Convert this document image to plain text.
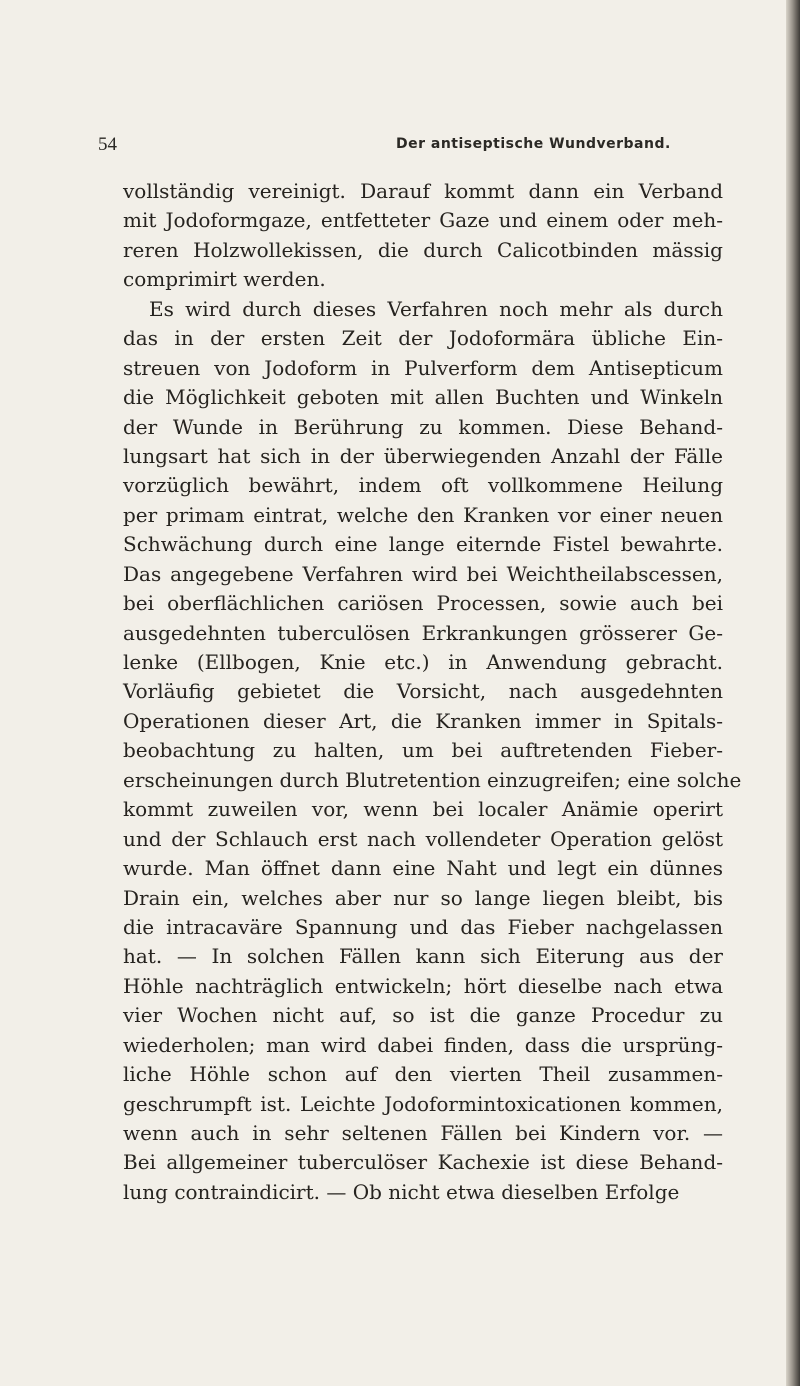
54	Der antiseptische Wundverband.
vollständig vereinigt. Darauf kommt dann ein Verband
mit Jodoformgaze, entfetteter Gaze und einem oder meh-
reren Holzwollekissen, die durch Calicotbinden mässig
comprimirt werden.
Es wird durch dieses Verfahren noch mehr als durch
das in der ersten Zeit der Jodoformära übliche Ein-
streuen von Jodoform in Pulverform dem Antisepticum
die Möglichkeit geboten mit allen Buchten und Winkeln
der Wunde in Berührung zu kommen. Diese Behand-
lungsart hat sich in der überwiegenden Anzahl der Fälle
vorzüglich bewährt, indem oft vollkommene Heilung
per primam eintrat, welche den Kranken vor einer neuen
Schwächung durch eine lange eiternde Fistel bewahrte.
Das angegebene Verfahren wird bei Weichtheilabscessen,
bei oberflächlichen cariösen Processen, sowie auch bei
ausgedehnten tuberculösen Erkrankungen grösserer Ge-
lenke (Ellbogen, Knie etc.) in Anwendung gebracht.
Vorläufig gebietet die Vorsicht, nach ausgedehnten
Operationen dieser Art, die Kranken immer in Spitals-
beobachtung zu halten, um bei auftretenden Fieber-
erscheinungen durch Blutretention einzugreifen; eine solche
kommt zuweilen vor, wenn bei localer Anämie operirt
und der Schlauch erst nach vollendeter Operation gelöst
wurde. Man öffnet dann eine Naht und legt ein dünnes
Drain ein, welches aber nur so lange liegen bleibt, bis
die intracaväre Spannung und das Fieber nachgelassen
hat. — In solchen Fällen kann sich Eiterung aus der
Höhle nachträglich entwickeln; hört dieselbe nach etwa
vier Wochen nicht auf, so ist die ganze Procedur zu
wiederholen; man wird dabei finden, dass die ursprüng-
liche Höhle schon auf den vierten Theil zusammen-
geschrumpft ist. Leichte Jodoformintoxicationen kommen,
wenn auch in sehr seltenen Fällen bei Kindern vor. —
Bei allgemeiner tuberculöser Kachexie ist diese Behand-
lung contraindicirt. — Ob nicht etwa dieselben Erfolge
